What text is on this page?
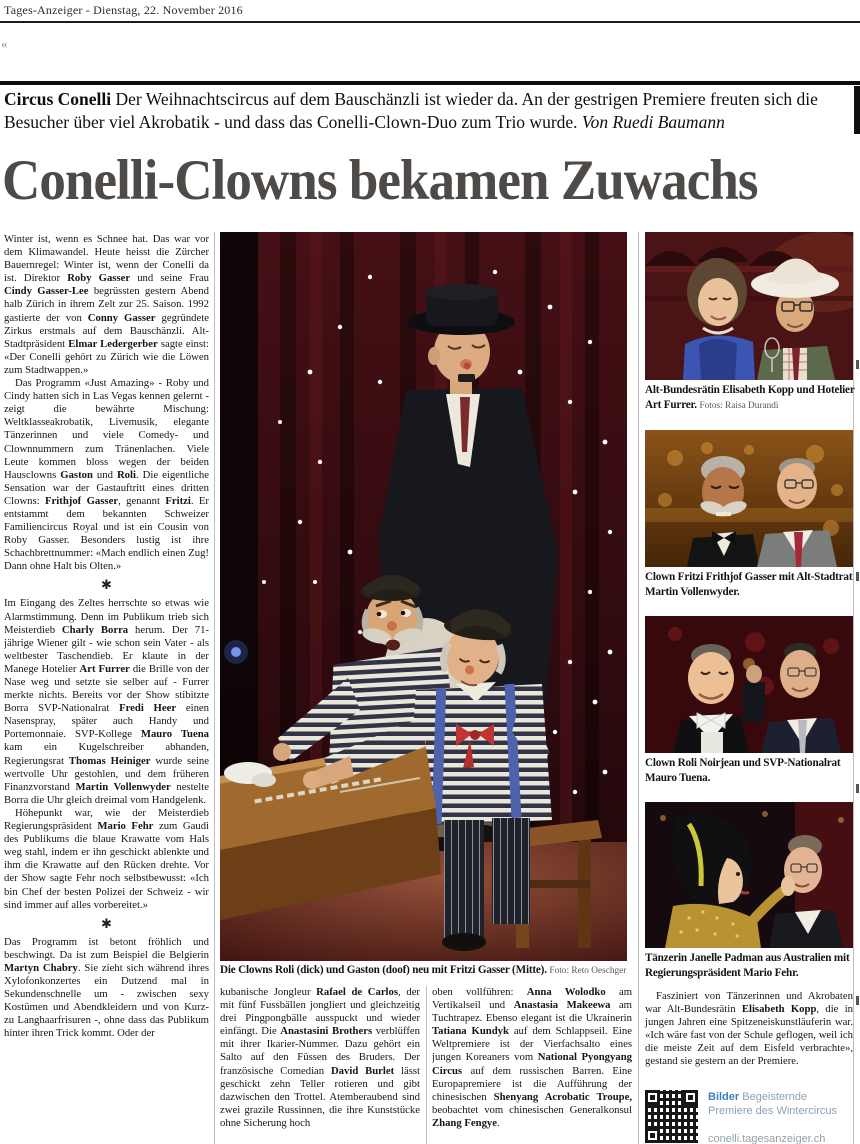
Tages-Anzeiger - Dienstag, 22. November 2016
«

Circus Conelli Der Weihnachtscircus auf dem Bauschänzli ist wieder da. An der gestrigen Premiere freuten sich die Besucher über viel Akrobatik - und dass das Conelli-Clown-Duo zum Trio wurde. Von Ruedi Baumann

Conelli-Clowns bekamen Zuwachs

Winter ist, wenn es Schnee hat. Das war vor dem Klimawandel. Heute heisst die Zürcher Bauernregel: Winter ist, wenn der Conelli da ist. Direktor Roby Gasser und seine Frau Cindy Gasser-Lee begrüssten gestern Abend halb Zürich in ihrem Zelt zur 25. Saison. 1992 gastierte der von Conny Gasser gegründete Zirkus erstmals auf dem Bauschänzli. Alt-Stadtpräsident Elmar Ledergerber sagte einst: «Der Conelli gehört zu Zürich wie die Löwen zum Stadtwappen.»

Das Programm «Just Amazing» - Roby und Cindy hatten sich in Las Vegas kennen gelernt - zeigt die bewährte Mischung: Weltklasseakrobatik, Livemusik, elegante Tänzerinnen und viele Comedy- und Clownnummern zum Tränenlachen. Viele Leute kommen bloss wegen der beiden Hausclowns Gaston und Roli. Die eigentliche Sensation war der Gastauftritt eines dritten Clowns: Frithjof Gasser, genannt Fritzi. Er entstammt dem bekannten Schweizer Familiencircus Royal und ist ein Cousin von Roby Gasser. Besonders lustig ist ihre Schachbrettnummer: «Mach endlich einen Zug! Dann ohne Halt bis Olten.»

✱

Im Eingang des Zeltes herrschte so etwas wie Alarmstimmung. Denn im Publikum trieb sich Meisterdieb Charly Borra herum. Der 71-jährige Wiener gilt - wie schon sein Vater - als weltbester Taschendieb. Er klaute in der Manege Hotelier Art Furrer die Brille von der Nase weg und setzte sie selber auf - Furrer merkte nichts. Bereits vor der Show stibitzte Borra SVP-Nationalrat Fredi Heer einen Nasenspray, später auch Handy und Portemonnaie. SVP-Kollege Mauro Tuena kam ein Kugelschreiber abhanden, Regierungsrat Thomas Heiniger wurde seine wertvolle Uhr gestohlen, und dem früheren Finanzvorstand Martin Vollenwyder nestelte Borra die Uhr gleich dreimal vom Handgelenk.

Höhepunkt war, wie der Meisterdieb Regierungspräsident Mario Fehr zum Gaudi des Publikums die blaue Krawatte vom Hals weg stahl, indem er ihn geschickt ablenkte und ihm die Krawatte auf den Rücken drehte. Vor der Show sagte Fehr noch selbstbewusst: «Ich bin Chef der besten Polizei der Schweiz - wir sind immer auf alles vorbereitet.»

✱

Das Programm ist betont fröhlich und beschwingt. Da ist zum Beispiel die Belgierin Martyn Chabry. Sie zieht sich während ihres Xylofonkonzertes ein Dutzend mal in Sekundenschnelle um - zwischen sexy Kostümen und Abendkleidern und von Kurz- zu Langhaarfrisuren -, ohne dass das Publikum hinter ihren Trick kommt. Oder der

Die Clowns Roli (dick) und Gaston (doof) neu mit Fritzi Gasser (Mitte). Foto: Reto Oeschger

kubanische Jongleur Rafael de Carlos, der mit fünf Fussbällen jongliert und gleichzeitig drei Pingpongbälle ausspuckt und wieder einfängt. Die Anastasini Brothers verblüffen mit ihrer Ikarier-Nummer. Dazu gehört ein Salto auf den Füssen des Bruders. Der französische Comedian David Burlet lässt geschickt zehn Teller rotieren und gibt dazwischen den Trottel. Atemberaubend sind zwei grazile Russinnen, die ihre Kunststücke ohne Sicherung hoch

oben vollführen: Anna Wolodko am Vertikalseil und Anastasia Makeewa am Tuchtrapez. Ebenso elegant ist die Ukrainerin Tatiana Kundyk auf dem Schlappseil. Eine Weltpremiere ist der Vierfachsalto eines jungen Koreaners vom National Pyongyang Circus auf dem russischen Barren. Eine Europapremiere ist die Aufführung der chinesischen Shenyang Acrobatic Troupe, beobachtet vom chinesischen Generalkonsul Zhang Fengye.

Alt-Bundesrätin Elisabeth Kopp und Hotelier Art Furrer. Fotos: Raisa Durandi
Clown Fritzi Frithjof Gasser mit Alt-Stadtrat Martin Vollenwyder.
Clown Roli Noirjean und SVP-Nationalrat Mauro Tuena.
Tänzerin Janelle Padman aus Australien mit Regierungspräsident Mario Fehr.

Fasziniert von Tänzerinnen und Akrobaten war Alt-Bundesrätin Elisabeth Kopp, die in jungen Jahren eine Spitzeneiskunstläuferin war. «Ich wäre fast von der Schule geflogen, weil ich die meiste Zeit auf dem Eisfeld verbrachte», gestand sie gestern an der Premiere.

Bilder Begeisternde Premiere des Wintercircus
conelli.tagesanzeiger.ch
